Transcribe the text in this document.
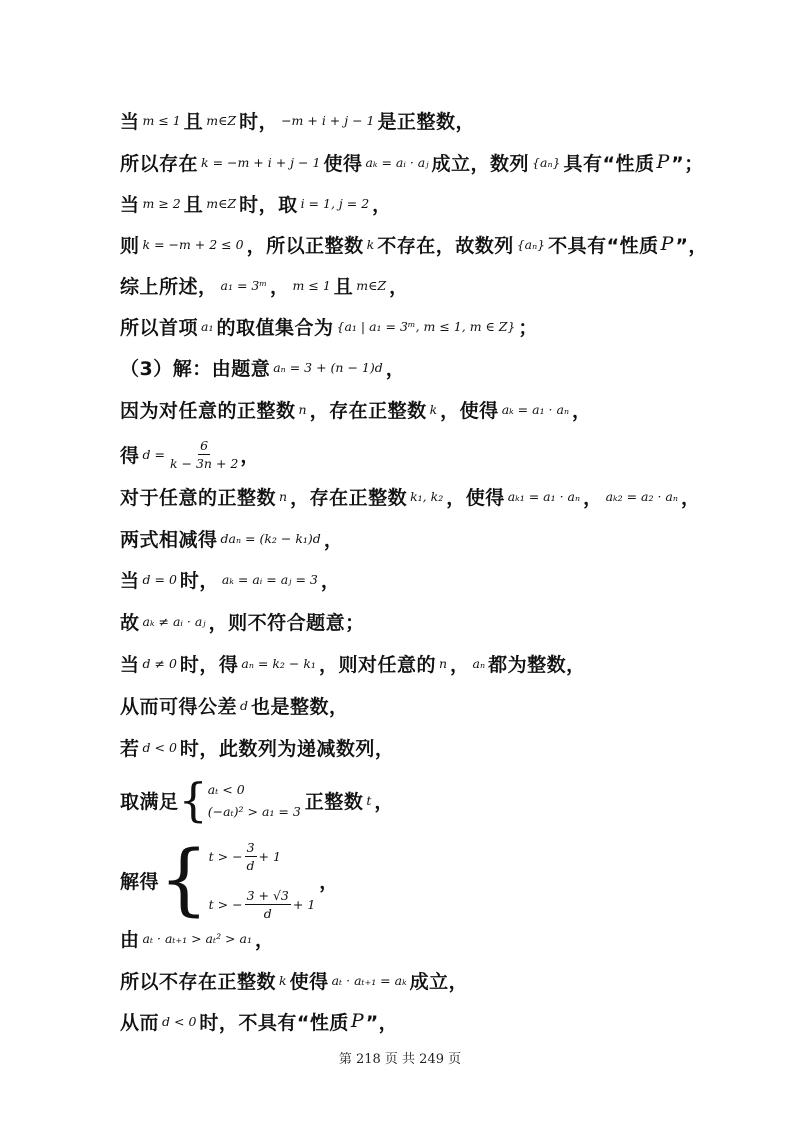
当 m ≤ 1 且 m∈Z 时， −m + i + j − 1 是正整数，
所以存在 k = −m + i + j − 1 使得 aₖ = aᵢ · aⱼ 成立，数列 {aₙ} 具有“性质 P ”；
当 m ≥ 2 且 m∈Z 时，取 i = 1, j = 2 ，
则 k = −m + 2 ≤ 0 ，所以正整数 k 不存在，故数列 {aₙ} 不具有“性质 P ”，
综上所述， a₁ = 3ᵐ ， m ≤ 1 且 m∈Z ，
所以首项 a₁ 的取值集合为 {a₁ | a₁ = 3ᵐ, m ≤ 1, m ∈ Z} ；
（3）解：由题意 aₙ = 3 + (n − 1)d ，
因为对任意的正整数 n ，存在正整数 k ，使得 aₖ = a₁ · aₙ ，
得 $d = \frac{6}{k - 3n + 2}$ ，
对于任意的正整数 n ，存在正整数 k₁, k₂ ，使得 aₖ₁ = a₁ · aₙ ， aₖ₂ = a₂ · aₙ ，
两式相减得 daₙ = (k₂ − k₁)d ，
当 d = 0 时， aₖ = aᵢ = aⱼ = 3 ，
故 aₖ ≠ aᵢ · aⱼ ，则不符合题意；
当 d ≠ 0 时，得 aₙ = k₂ − k₁ ，则对任意的 n ， aₙ 都为整数，
从而可得公差 d 也是整数，
若 d < 0 时，此数列为递减数列，
取满足 { aₜ < 0
(−aₜ)² > a₁ = 3 正整数 t ，
解得 { t > − $\frac{3}{d} + 1$
t > − $\frac{3 + √3}{d} + 1$
，
由 aₜ · aₜ₊₁ > aₜ² > a₁ ，
所以不存在正整数 k 使得 aₜ · aₜ₊₁ = aₖ 成立，
从而 d < 0 时，不具有“性质 P ”，
第 218 页 共 249 页
